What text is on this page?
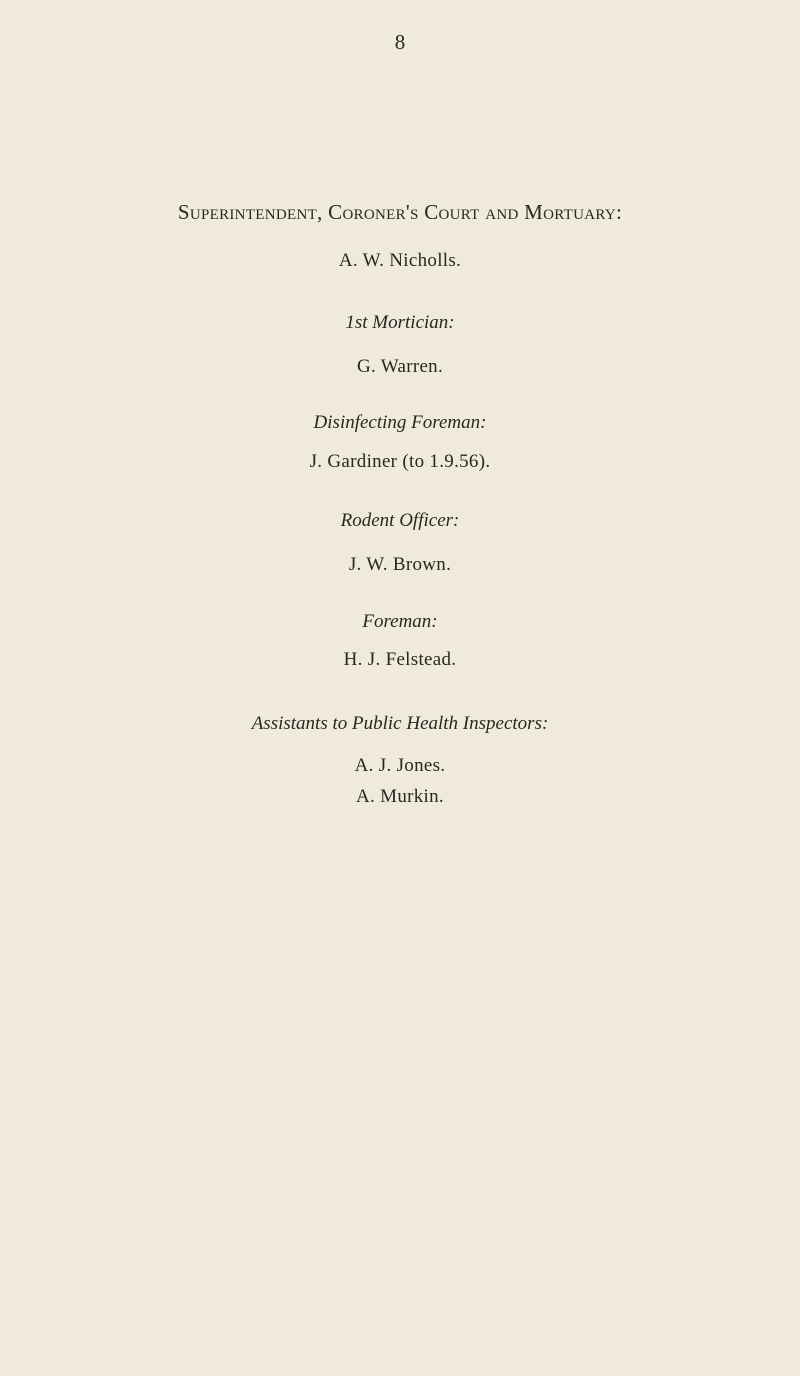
8
Superintendent, Coroner's Court and Mortuary:
A. W. Nicholls.
1st Mortician:
G. Warren.
Disinfecting Foreman:
J. Gardiner (to 1.9.56).
Rodent Officer:
J. W. Brown.
Foreman:
H. J. Felstead.
Assistants to Public Health Inspectors:
A. J. Jones.
A. Murkin.
